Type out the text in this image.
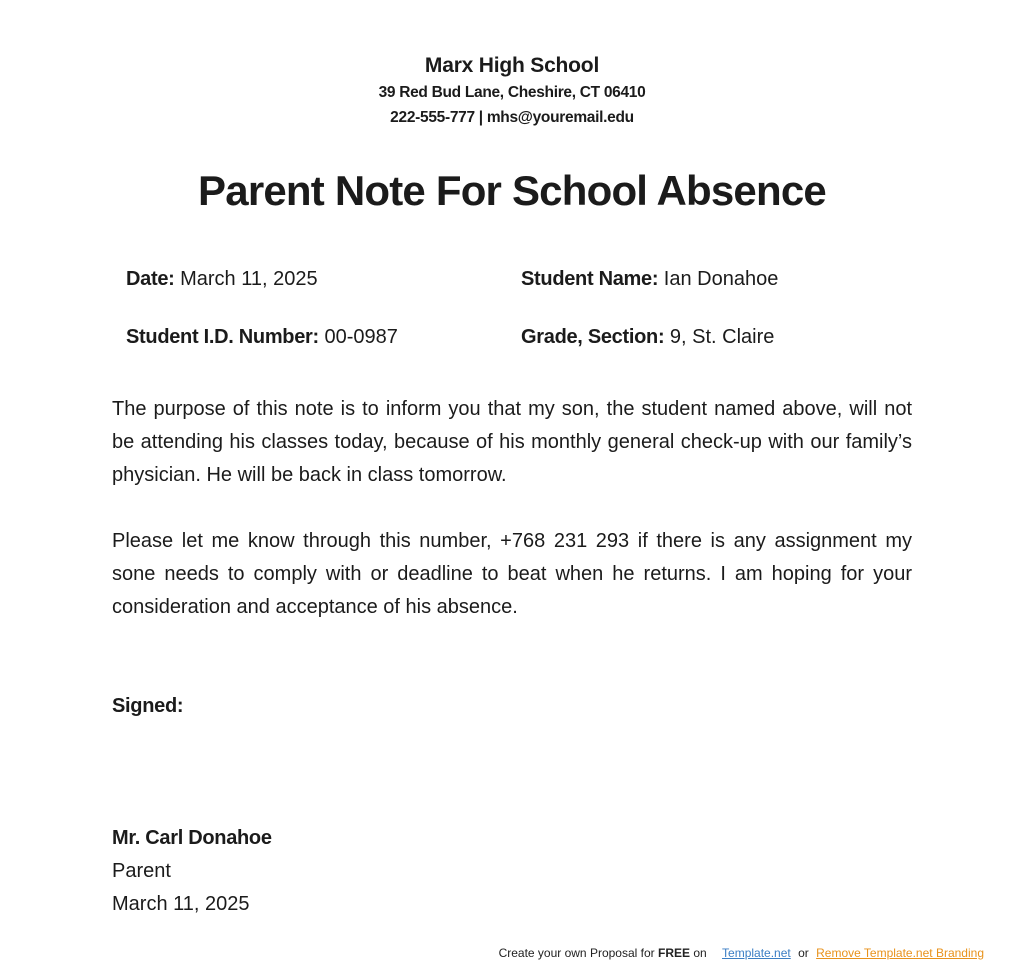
Marx High School
39 Red Bud Lane, Cheshire, CT 06410
222-555-777 | mhs@youremail.edu
Parent Note For School Absence
Date: March 11, 2025	Student Name: Ian Donahoe
Student I.D. Number: 00-0987	Grade, Section: 9, St. Claire

The purpose of this note is to inform you that my son, the student named above, will not be attending his classes today, because of his monthly general check-up with our family’s physician. He will be back in class tomorrow.

Please let me know through this number, +768 231 293 if there is any assignment my sone needs to comply with or deadline to beat when he returns. I am hoping for your consideration and acceptance of his absence.

Signed:
Mr. Carl Donahoe
Parent
March 11, 2025
Create your own Proposal for FREE on Template.net or Remove Template.net Branding
